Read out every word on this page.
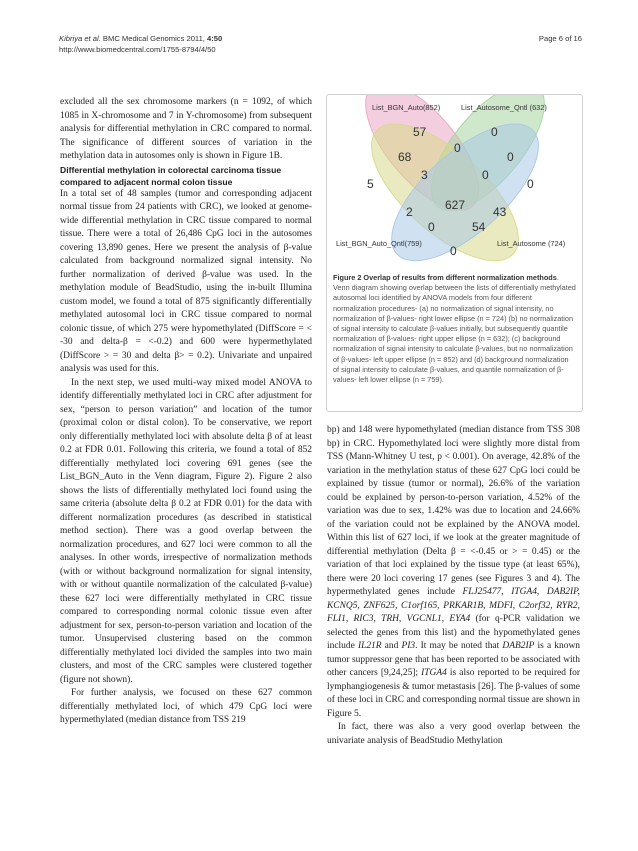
Kibriya et al. BMC Medical Genomics 2011, 4:50
http://www.biomedcentral.com/1755-8794/4/50
Page 6 of 16

excluded all the sex chromosome markers (n = 1092, of which 1085 in X-chromosome and 7 in Y-chromosome) from subsequent analysis for differential methylation in CRC compared to normal. The significance of different sources of variation in the methylation data in autosomes only is shown in Figure 1B.

Differential methylation in colorectal carcinoma tissue compared to adjacent normal colon tissue

In a total set of 48 samples (tumor and corresponding adjacent normal tissue from 24 patients with CRC), we looked at genome-wide differential methylation in CRC tissue compared to normal tissue. There were a total of 26,486 CpG loci in the autosomes covering 13,890 genes. Here we present the analysis of β-value calculated from background normalized signal intensity. No further normalization of derived β-value was used. In the methylation module of BeadStudio, using the in-built Illumina custom model, we found a total of 875 significantly differentially methylated autosomal loci in CRC tissue compared to normal colonic tissue, of which 275 were hypomethylated (DiffScore = < -30 and delta-β = <-0.2) and 600 were hypermethylated (DiffScore > = 30 and delta β> = 0.2). Univariate and unpaired analysis was used for this.

In the next step, we used multi-way mixed model ANOVA to identify differentially methylated loci in CRC after adjustment for sex, “person to person variation” and location of the tumor (proximal colon or distal colon). To be conservative, we report only differentially methylated loci with absolute delta β of at least 0.2 at FDR 0.01. Following this criteria, we found a total of 852 differentially methylated loci covering 691 genes (see the List_BGN_Auto in the Venn diagram, Figure 2). Figure 2 also shows the lists of differentially methylated loci found using the same criteria (absolute delta β 0.2 at FDR 0.01) for the data with different normalization procedures (as described in statistical method section). There was a good overlap between the normalization procedures, and 627 loci were common to all the analyses. In other words, irrespective of normalization methods (with or without background normalization for signal intensity, with or without quantile normalization of the calculated β-value) these 627 loci were differentially methylated in CRC tissue compared to corresponding normal colonic tissue even after adjustment for sex, person-to-person variation and location of the tumor. Unsupervised clustering based on the common differentially methylated loci divided the samples into two main clusters, and most of the CRC samples were clustered together (figure not shown).

For further analysis, we focused on these 627 common differentially methylated loci, of which 479 CpG loci were hypermethylated (median distance from TSS 219

List_BGN_Auto(852)	List_Autosome_Qntl (632)
List_BGN_Auto_Qntl(759)	List_Autosome (724)
57	0
0
68	0
3	0
5	0
627
2	43
0	54
0
Figure 2 Overlap of results from different normalization methods. Venn diagram showing overlap between the lists of differentially methylated autosomal loci identified by ANOVA models from four different normalization procedures- (a) no normalization of signal intensity, no normalization of β-values- right lower ellipse (n = 724) (b) no normalization of signal intensity to calculate β-values initially, but subsequently quantile normalization of β-values- right upper ellipse (n = 632); (c) background normalization of signal intensity to calculate β-values, but no normalization of β-values- left upper ellipse (n = 852) and (d) background normalization of signal intensity to calculate β-values, and quantile normalization of β-values- left lower ellipse (n = 759).

bp) and 148 were hypomethylated (median distance from TSS 308 bp) in CRC. Hypomethylated loci were slightly more distal from TSS (Mann-Whitney U test, p < 0.001). On average, 42.8% of the variation in the methylation status of these 627 CpG loci could be explained by tissue (tumor or normal), 26.6% of the variation could be explained by person-to-person variation, 4.52% of the variation was due to sex, 1.42% was due to location and 24.66% of the variation could not be explained by the ANOVA model. Within this list of 627 loci, if we look at the greater magnitude of differential methylation (Delta β = <-0.45 or > = 0.45) or the variation of that loci explained by the tissue type (at least 65%), there were 20 loci covering 17 genes (see Figures 3 and 4). The hypermethylated genes include FLJ25477, ITGA4, DAB2IP, KCNQ5, ZNF625, C1orf165, PRKAR1B, MDFI, C2orf32, RYR2, FLI1, RIC3, TRH, VGCNL1, EYA4 (for q-PCR validation we selected the genes from this list) and the hypomethylated genes include IL21R and PI3. It may be noted that DAB2IP is a known tumor suppressor gene that has been reported to be associated with other cancers [9,24,25]; ITGA4 is also reported to be required for lymphangiogenesis & tumor metastasis [26]. The β-values of some of these loci in CRC and corresponding normal tissue are shown in Figure 5.

In fact, there was also a very good overlap between the univariate analysis of BeadStudio Methylation
